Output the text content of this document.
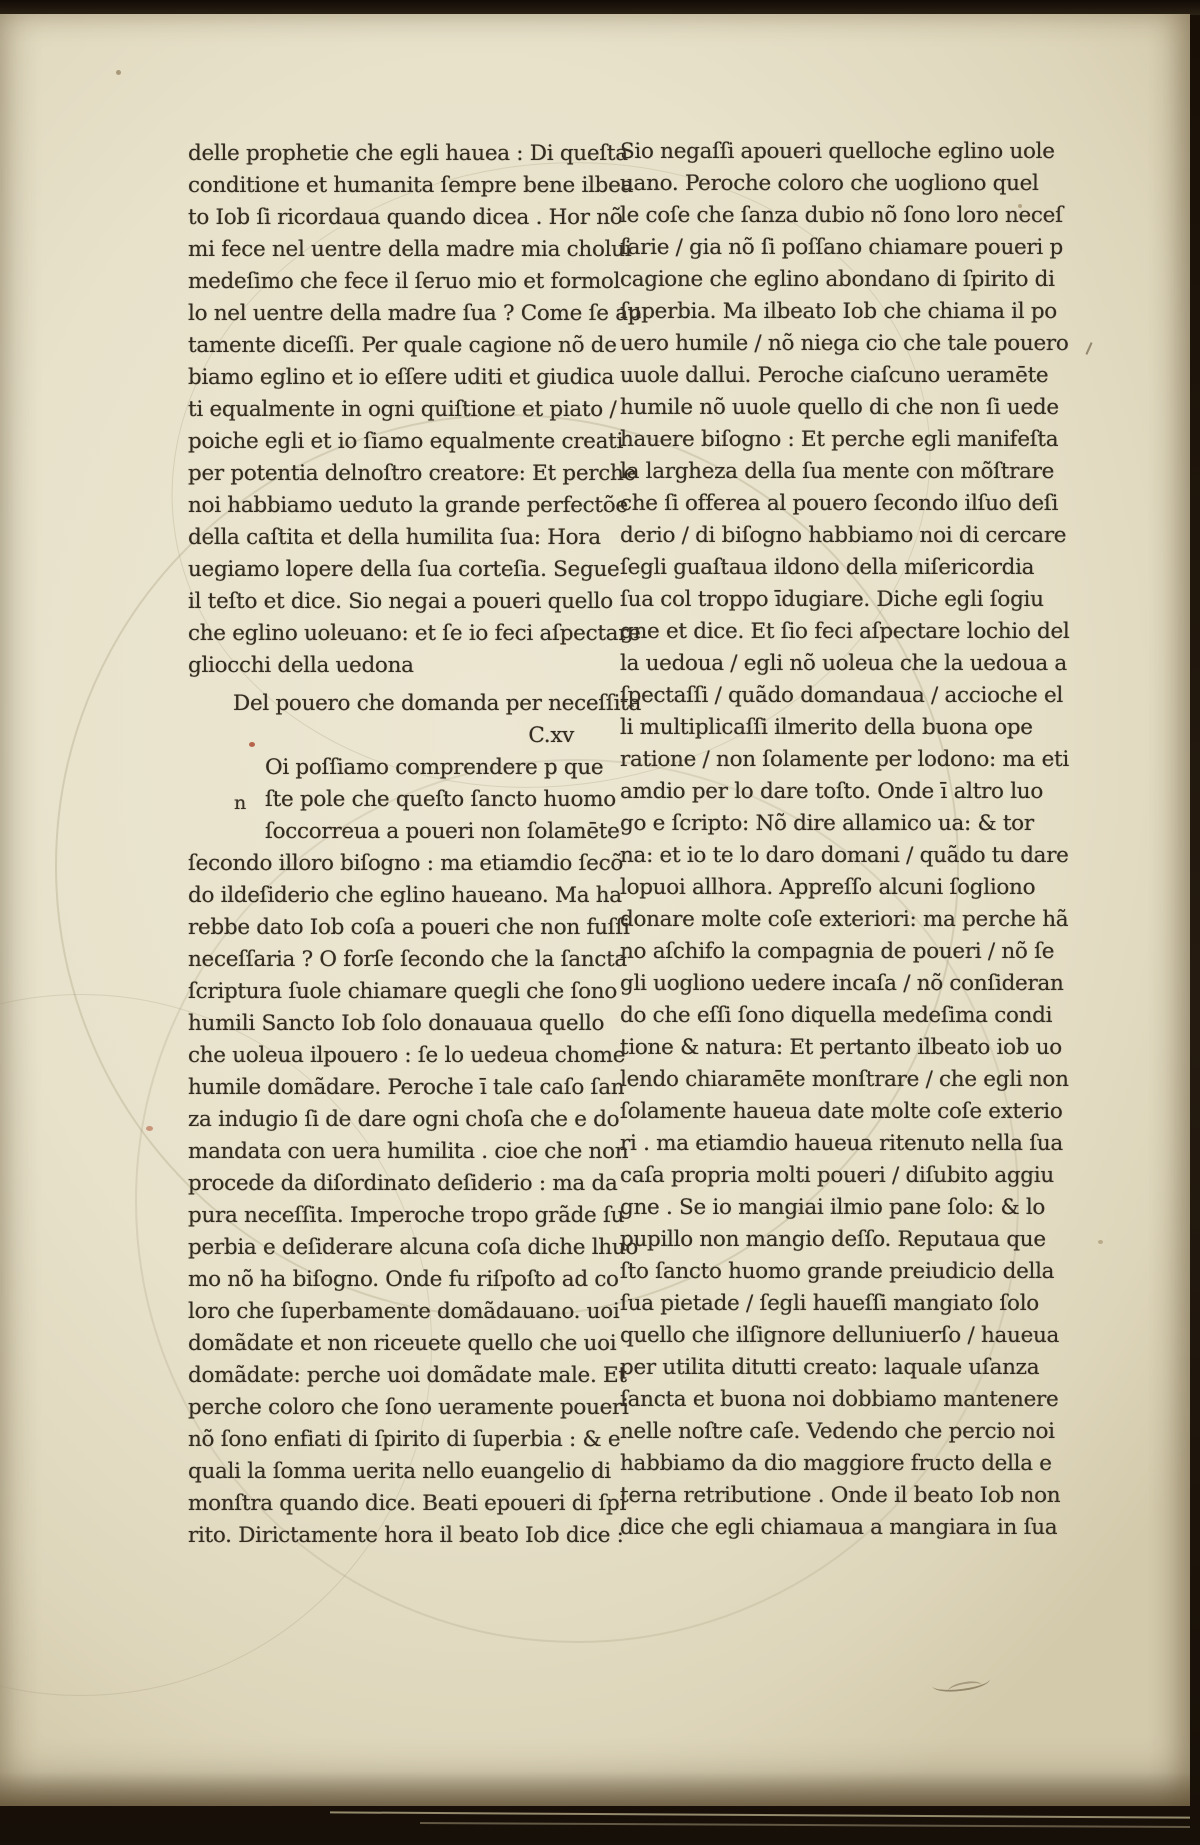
delle prophetie che egli hauea : Di queſta
conditione et humanita ſempre bene ilbea
to Iob ſi ricordaua quando dicea . Hor nõ
mi fece nel uentre della madre mia cholui
medeſimo che fece il ſeruo mio et formol
lo nel uentre della madre ſua ? Come ſe ap
tamente diceſſi. Per quale cagione nõ de
biamo eglino et io eſſere uditi et giudica
ti equalmente in ogni quiſtione et piato /
poiche egli et io ſiamo equalmente creati
per potentia delnoſtro creatore: Et perche
noi habbiamo ueduto la grande perfectõe
della caſtita et della humilita ſua: Hora
uegiamo lopere della ſua corteſia. Segue
il teſto et dice. Sio negai a poueri quello
che eglino uoleuano: et ſe io feci aſpectare
gliocchi della uedona
Del pouero che domanda per neceſſita
C.xv
n
Oi poſſiamo comprendere p que
ſte pole che queſto ſancto huomo
ſoccorreua a poueri non ſolamēte
ſecondo illoro biſogno : ma etiamdio ſecõ
do ildeſiderio che eglino haueano. Ma ha
rebbe dato Iob coſa a poueri che non fuſſi
neceſſaria ? O forſe ſecondo che la ſancta
ſcriptura ſuole chiamare quegli che ſono
humili Sancto Iob ſolo donauaua quello
che uoleua ilpouero : ſe lo uedeua chome
humile domãdare. Peroche ī tale caſo ſan
za indugio ſi de dare ogni choſa che e do
mandata con uera humilita . cioe che non
procede da diſordinato deſiderio : ma da
pura neceſſita. Imperoche tropo grãde ſu
perbia e deſiderare alcuna coſa diche lhuo
mo nõ ha biſogno. Onde fu riſpoſto ad co
loro che ſuperbamente domãdauano. uoi
domãdate et non riceuete quello che uoi
domãdate: perche uoi domãdate male. Et
perche coloro che ſono ueramente poueri
nõ ſono enfiati di ſpirito di ſuperbia : & e
quali la ſomma uerita nello euangelio di
monſtra quando dice. Beati epoueri di ſpi
rito. Dirictamente hora il beato Iob dice :
Sio negaſſi apoueri quelloche eglino uole
uano. Peroche coloro che uogliono quel
le coſe che ſanza dubio nõ ſono loro neceſ
ſarie / gia nõ ſi poſſano chiamare poueri p
cagione che eglino abondano di ſpirito di
ſuperbia. Ma ilbeato Iob che chiama il po
uero humile / nõ niega cio che tale pouero
uuole dallui. Peroche ciaſcuno ueramēte
humile nõ uuole quello di che non ſi uede
hauere biſogno : Et perche egli manifeſta
la largheza della ſua mente con mõſtrare
che ſi offerea al pouero ſecondo ilſuo deſi
derio / di biſogno habbiamo noi di cercare
ſegli guaſtaua ildono della miſericordia
ſua col troppo īdugiare. Diche egli ſogiu
gne et dice. Et ſio feci aſpectare lochio del
la uedoua / egli nõ uoleua che la uedoua a
ſpectaſſi / quãdo domandaua / accioche el
li multiplicaſſi ilmerito della buona ope
ratione / non ſolamente per lodono: ma eti
amdio per lo dare toſto. Onde ī altro luo
go e ſcripto: Nõ dire allamico ua: & tor
na: et io te lo daro domani / quãdo tu dare
lopuoi allhora. Appreſſo alcuni ſogliono
donare molte coſe exteriori: ma perche hã
no aſchifo la compagnia de poueri / nõ ſe
gli uogliono uedere incaſa / nõ conſideran
do che eſſi ſono diquella medeſima condi
tione & natura: Et pertanto ilbeato iob uo
lendo chiaramēte monſtrare / che egli non
ſolamente haueua date molte coſe exterio
ri . ma etiamdio haueua ritenuto nella ſua
caſa propria molti poueri / diſubito aggiu
gne . Se io mangiai ilmio pane ſolo: & lo
pupillo non mangio deſſo. Reputaua que
ſto ſancto huomo grande preiudicio della
ſua pietade / ſegli haueſſi mangiato ſolo
quello che ilſignore delluniuerſo / haueua
per utilita ditutti creato: laquale uſanza
ſancta et buona noi dobbiamo mantenere
nelle noſtre caſe. Vedendo che percio noi
habbiamo da dio maggiore fructo della e
terna retributione . Onde il beato Iob non
dice che egli chiamaua a mangiara in ſua
